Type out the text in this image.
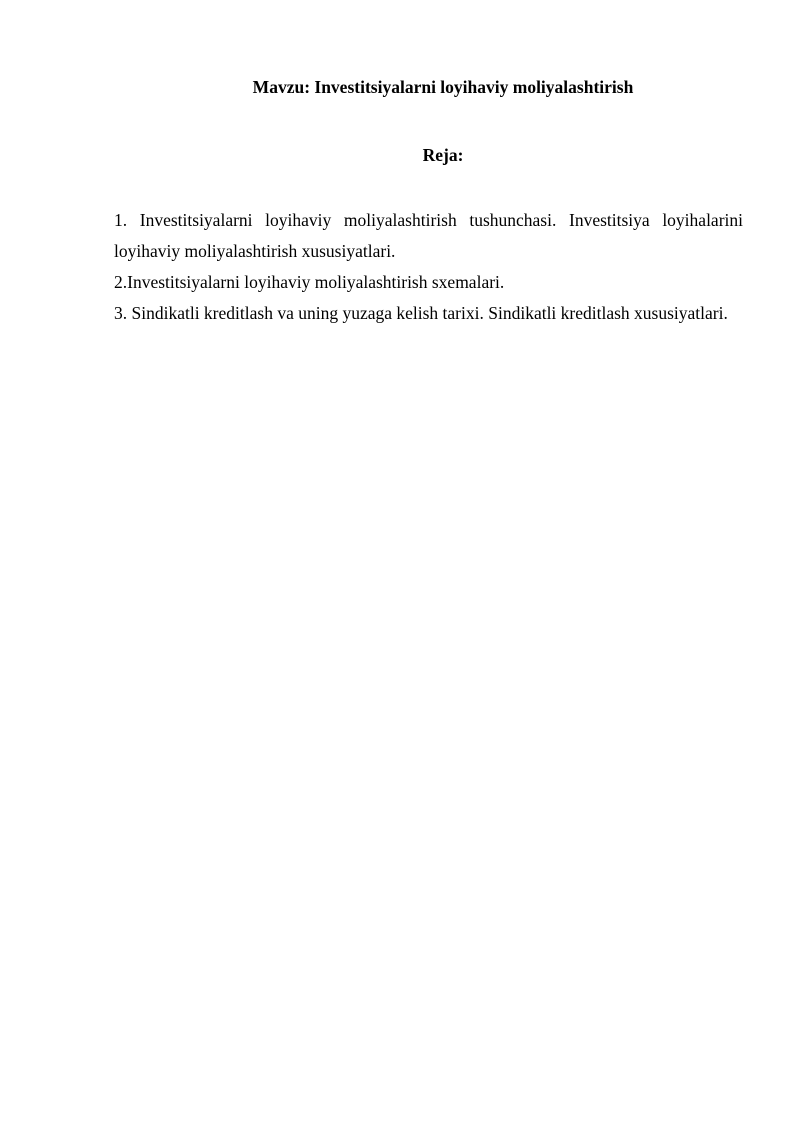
Mavzu: Investitsiyalarni loyihaviy moliyalashtirish
Reja:
1. Investitsiyalarni loyihaviy moliyalashtirish tushunchasi. Investitsiya loyihalarini loyihaviy moliyalashtirish xususiyatlari.
2.Investitsiyalarni loyihaviy moliyalashtirish sxemalari.
3. Sindikatli kreditlash va uning yuzaga kelish tarixi. Sindikatli kreditlash xususiyatlari.
